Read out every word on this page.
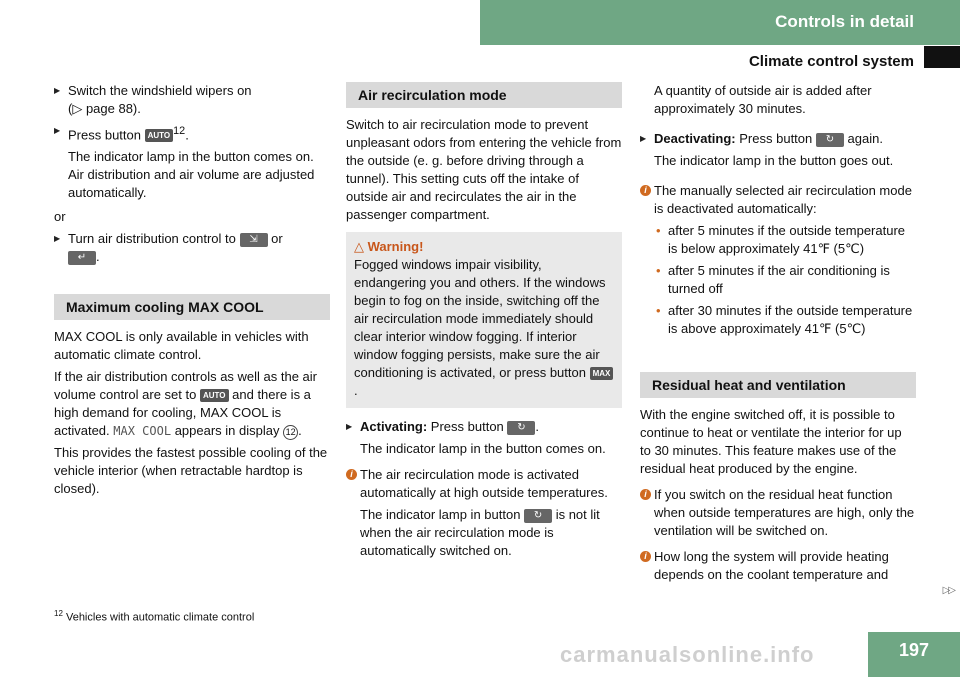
Controls in detail
Climate control system
▶ Switch the windshield wipers on
(▷ page 88).
▶ Press button AUTO $^{12}$.

The indicator lamp in the button comes on. Air distribution and air volume are adjusted automatically.

or

▶ Turn air distribution control to ⇲ or
↵ .
Maximum cooling MAX COOL

MAX COOL is only available in vehicles with automatic climate control.

If the air distribution controls as well as the air volume control are set to AUTO and there is a high demand for cooling, MAX COOL is activated. MAX COOL appears in display 12 .

This provides the fastest possible cooling of the vehicle interior (when retractable hardtop is closed).

Air recirculation mode

Switch to air recirculation mode to prevent unpleasant odors from entering the vehicle from the outside (e. g. before driving through a tunnel). This setting cuts off the intake of outside air and recirculates the air in the passenger compartment.

△ Warning!
Fogged windows impair visibility, endangering you and others. If the windows begin to fog on the inside, switching off the air recirculation mode immediately should clear interior window fogging. If interior window fogging persists, make sure the air conditioning is activated, or press button MAX.
▶ Activating: Press button ↻ .

The indicator lamp in the button comes on.

i The air recirculation mode is activated automatically at high outside temperatures.

The indicator lamp in button ↻ is not lit when the air recirculation mode is automatically switched on.

A quantity of outside air is added after approximately 30 minutes.

▶ Deactivating: Press button ↻ again.

The indicator lamp in the button goes out.

i The manually selected air recirculation mode is deactivated automatically:

• after 5 minutes if the outside temperature is below approximately 41℉ (5℃)
• after 5 minutes if the air conditioning is turned off
• after 30 minutes if the outside temperature is above approximately 41℉ (5℃)
Residual heat and ventilation

With the engine switched off, it is possible to continue to heat or ventilate the interior for up to 30 minutes. This feature makes use of the residual heat produced by the engine.

i If you switch on the residual heat function when outside temperatures are high, only the ventilation will be switched on.

i How long the system will provide heating depends on the coolant temperature and

$^{12}$ Vehicles with automatic climate control
▷▷
carmanualsonline.info	197
